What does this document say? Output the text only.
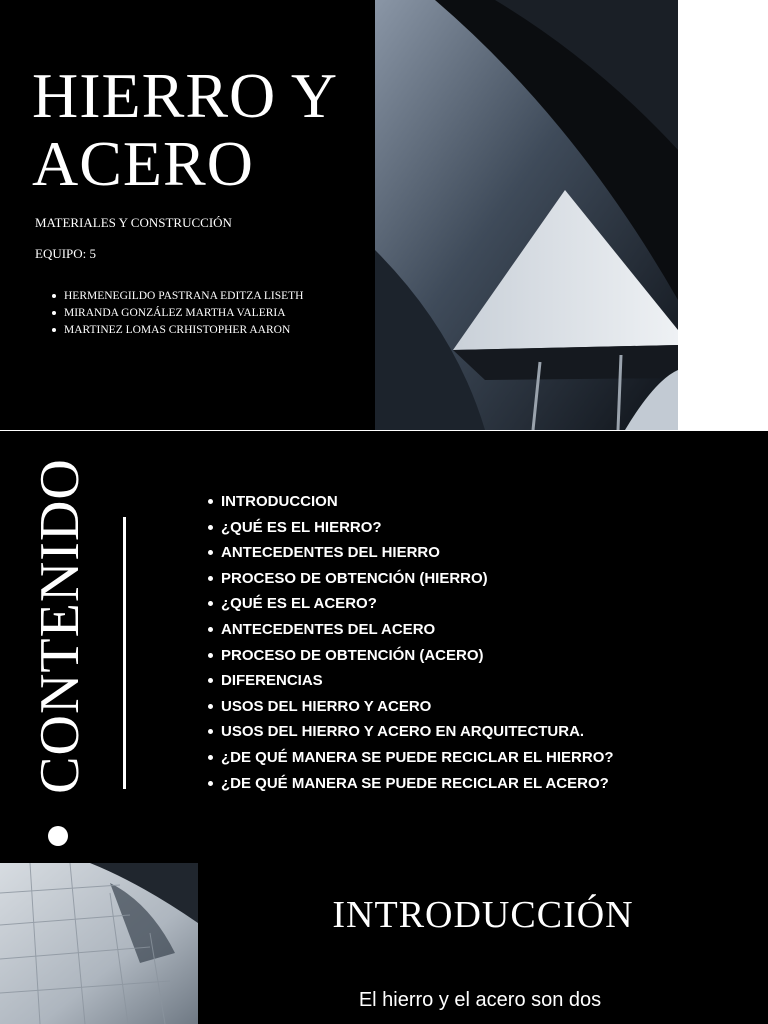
HIERRO Y
ACERO
MATERIALES Y CONSTRUCCIÓN
EQUIPO: 5
HERMENEGILDO PASTRANA EDITZA LISETH
MIRANDA GONZÁLEZ MARTHA VALERIA
MARTINEZ LOMAS CRHISTOPHER AARON
CONTENIDO	INTRODUCCION
¿QUÉ ES EL HIERRO?
ANTECEDENTES DEL HIERRO
PROCESO DE OBTENCIÓN (HIERRO)
¿QUÉ ES EL ACERO?
ANTECEDENTES DEL ACERO
PROCESO DE OBTENCIÓN (ACERO)
DIFERENCIAS
USOS DEL HIERRO Y ACERO
USOS DEL HIERRO Y ACERO EN ARQUITECTURA.
¿DE QUÉ MANERA SE PUEDE RECICLAR EL HIERRO?
¿DE QUÉ MANERA SE PUEDE RECICLAR EL ACERO?
INTRODUCCIÓN
El hierro y el acero son dos
